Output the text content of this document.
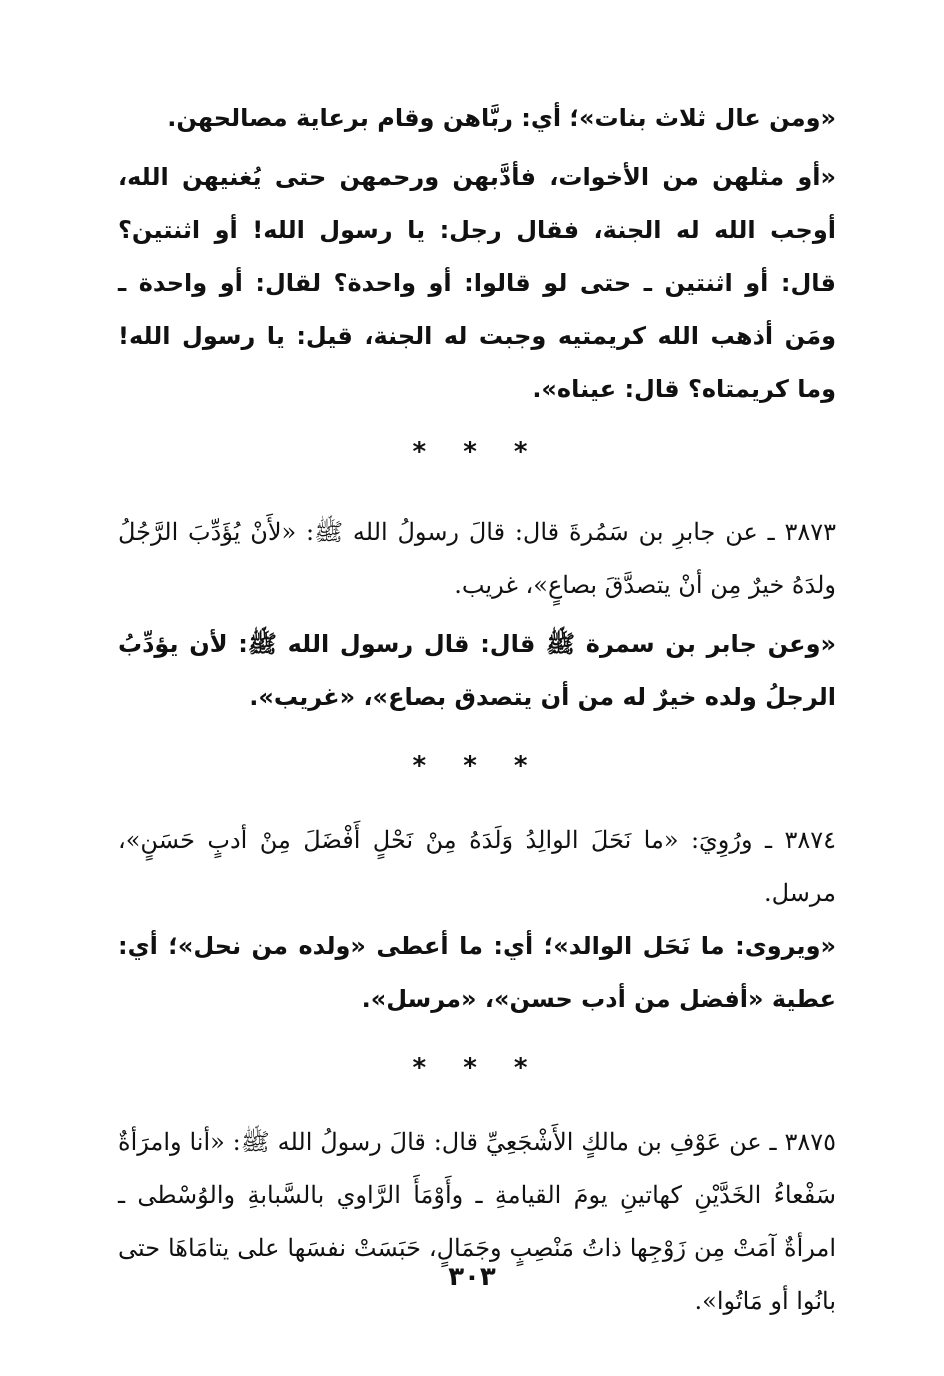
«ومن عال ثلاث بنات»؛ أي: ربَّاهن وقام برعاية مصالحهن.

«أو مثلهن من الأخوات، فأدَّبهن ورحمهن حتى يُغنيهن الله، أوجب الله له الجنة، فقال رجل: يا رسول الله! أو اثنتين؟ قال: أو اثنتين ـ حتى لو قالوا: أو واحدة؟ لقال: أو واحدة ـ ومَن أذهب الله كريمتيه وجبت له الجنة، قيل: يا رسول الله! وما كريمتاه؟ قال: عيناه».

* * *

٣٨٧٣ ـ عن جابرِ بن سَمُرةَ قال: قالَ رسولُ الله ﷺ: «لأَنْ يُؤَدِّبَ الرَّجُلُ ولدَهُ خيرٌ مِن أنْ يتصدَّقَ بصاعٍ»، غريب.

«وعن جابر بن سمرة ﷺ قال: قال رسول الله ﷺ: لأن يؤدِّبُ الرجلُ ولده خيرٌ له من أن يتصدق بصاع»، «غريب».

* * *

٣٨٧٤ ـ ورُوِيَ: «ما نَحَلَ الوالِدُ وَلَدَهُ مِنْ نَحْلٍ أَفْضَلَ مِنْ أدبٍ حَسَنٍ»، مرسل.

«ويروى: ما نَحَل الوالد»؛ أي: ما أعطى «ولده من نحل»؛ أي: عطية «أفضل من أدب حسن»، «مرسل».

* * *

٣٨٧٥ ـ عن عَوْفِ بن مالكٍ الأَشْجَعِيِّ قال: قالَ رسولُ الله ﷺ: «أنا وامرَأةٌ سَفْعاءُ الخَدَّيْنِ كهاتينِ يومَ القيامةِ ـ وأَوْمَأَ الرَّاوي بالسَّبابةِ والوُسْطى ـ امرأةٌ آمَتْ مِن زَوْجِها ذاتُ مَنْصِبٍ وجَمَالٍ، حَبَسَتْ نفسَها على يتامَاهَا حتى بانُوا أو مَاتُوا».

٣٠٣
